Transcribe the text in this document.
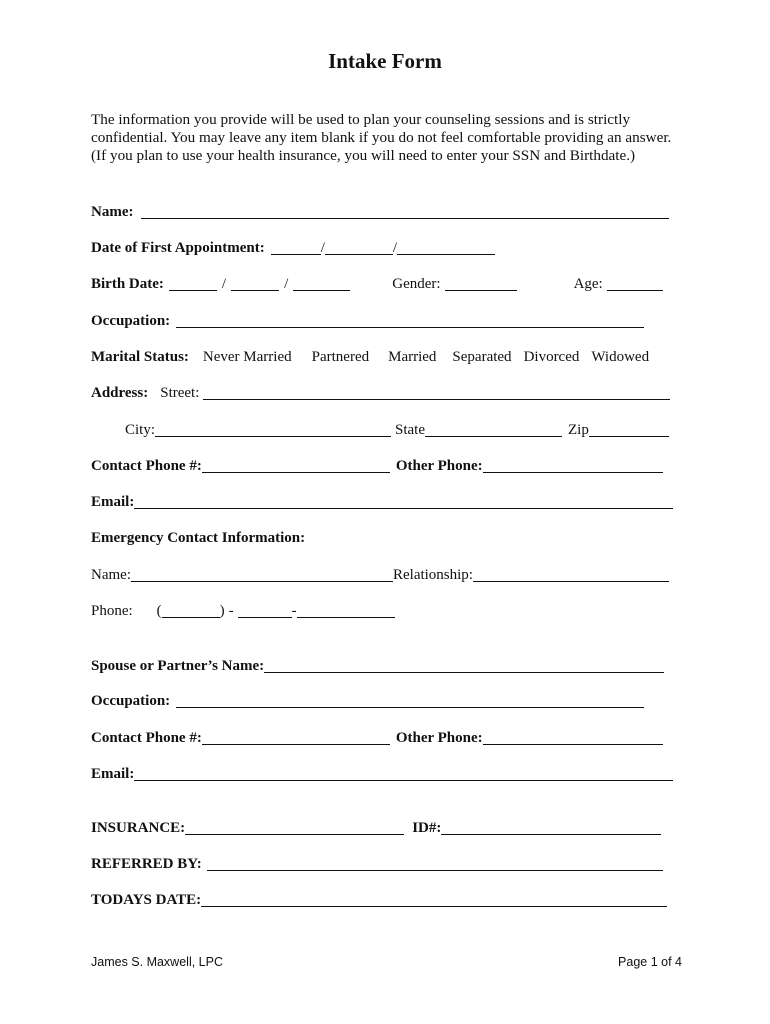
Intake Form
The information you provide will be used to plan your counseling sessions and is strictly confidential. You may leave any item blank if you do not feel comfortable providing an answer. (If you plan to use your health insurance, you will need to enter your SSN and Birthdate.)
Name:
Date of First Appointment:	/	/
Birth Date:	/	/	Gender:	Age:
Occupation:
Marital Status: Never Married Partnered Married Separated Divorced Widowed
Address: Street:
City:	State	Zip
Contact Phone #:	Other Phone:
Email:
Emergency Contact Information:
Name:	Relationship:
Phone: (	) -	-
Spouse or Partner’s Name:
Occupation:
Contact Phone #:	Other Phone:
Email:
INSURANCE:	ID#:
REFERRED BY:
TODAYS DATE:
James S. Maxwell, LPC	Page 1 of 4
